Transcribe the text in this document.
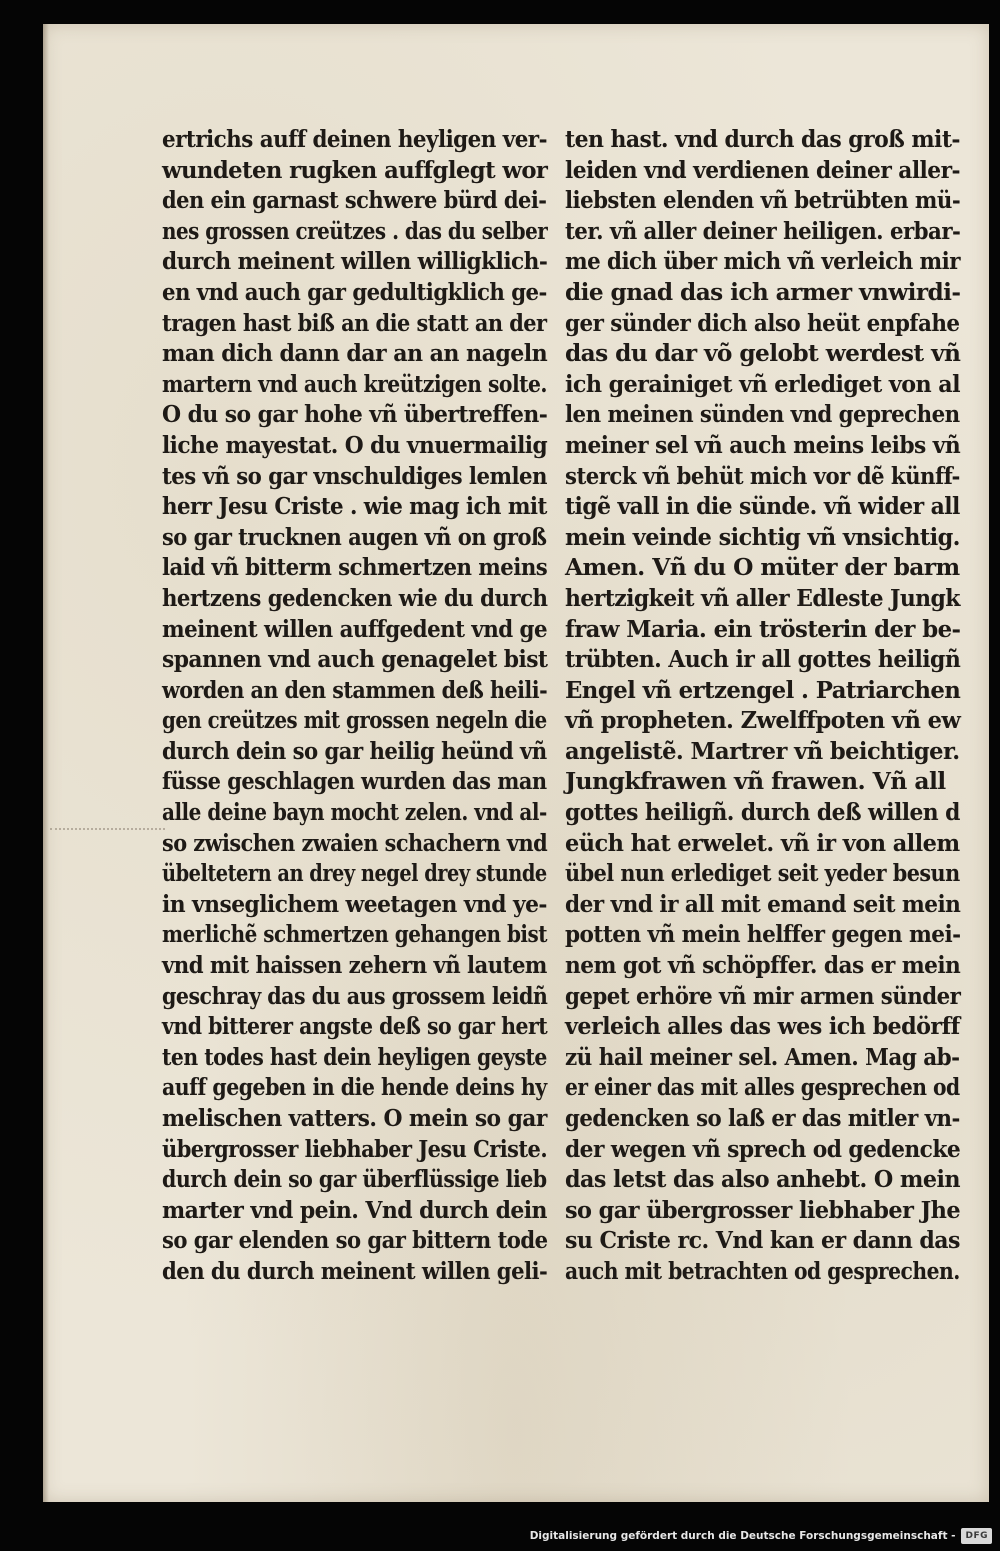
ertrichs auff deinen heyligen ver-
wundeten rugken auffglegt wor
den ein garnast schwere bürd dei-
nes grossen creützes . das du selber
durch meinent willen willigklich-
en vnd auch gar gedultigklich ge-
tragen hast biß an die statt an der
man dich dann dar an an nageln
martern vnd auch kreützigen solte.
O du so gar hohe vñ übertreffen-
liche mayestat. O du vnuermailig
tes vñ so gar vnschuldiges lemlen
herr Jesu Criste . wie mag ich mit
so gar trucknen augen vñ on groß
laid vñ bitterm schmertzen meins
hertzens gedencken wie du durch
meinent willen auffgedent vnd ge
spannen vnd auch genagelet bist
worden an den stammen deß heili-
gen creützes mit grossen negeln die
durch dein so gar heilig heünd vñ
füsse geschlagen wurden das man
alle deine bayn mocht zelen. vnd al-
so zwischen zwaien schachern vnd
übeltetern an drey negel drey stunde
in vnseglichem weetagen vnd ye-
merlichẽ schmertzen gehangen bist
vnd mit haissen zehern vñ lautem
geschray das du aus grossem leidñ
vnd bitterer angste deß so gar hert
ten todes hast dein heyligen geyste
auff gegeben in die hende deins hy
melischen vatters. O mein so gar
übergrosser liebhaber Jesu Criste.
durch dein so gar überflüssige lieb
marter vnd pein. Vnd durch dein
so gar elenden so gar bittern tode
den du durch meinent willen geli-
ten hast. vnd durch das groß mit-
leiden vnd verdienen deiner aller-
liebsten elenden vñ betrübten mü-
ter. vñ aller deiner heiligen. erbar-
me dich über mich vñ verleich mir
die gnad das ich armer vnwirdi-
ger sünder dich also heüt enpfahe
das du dar võ gelobt werdest vñ
ich gerainiget vñ erlediget von al
len meinen sünden vnd geprechen
meiner sel vñ auch meins leibs vñ
sterck vñ behüt mich vor dẽ künff-
tigẽ vall in die sünde. vñ wider all
mein veinde sichtig vñ vnsichtig.
Amen. Vñ du O müter der barm
hertzigkeit vñ aller Edleste Jungk
fraw Maria. ein trösterin der be-
trübten. Auch ir all gottes heiligñ
Engel vñ ertzengel . Patriarchen
vñ propheten. Zwelffpoten vñ ew
angelistẽ. Martrer vñ beichtiger.
Jungkfrawen vñ frawen. Vñ all
gottes heiligñ. durch deß willen d
eüch hat erwelet. vñ ir von allem
übel nun erlediget seit yeder besun
der vnd ir all mit emand seit mein
potten vñ mein helffer gegen mei-
nem got vñ schöpffer. das er mein
gepet erhöre vñ mir armen sünder
verleich alles das wes ich bedörff
zü hail meiner sel. Amen. Mag ab-
er einer das mit alles gesprechen od
gedencken so laß er das mitler vn-
der wegen vñ sprech od gedencke
das letst das also anhebt. O mein
so gar übergrosser liebhaber Jhe
su Criste rc. Vnd kan er dann das
auch mit betrachten od gesprechen.
Digitalisierung gefördert durch die Deutsche Forschungsgemeinschaft -	DFG
